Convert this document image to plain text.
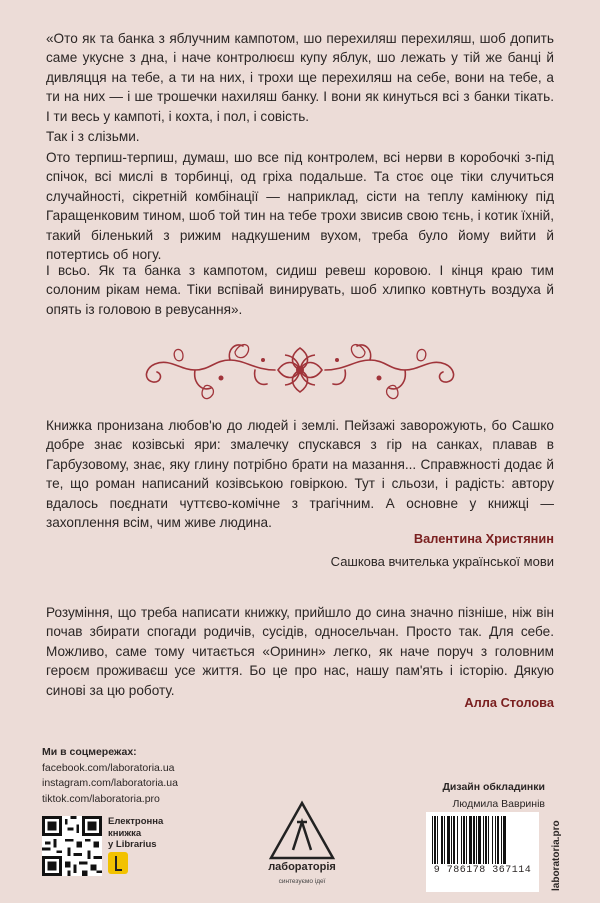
«Ото як та банка з яблучним кампотом, шо перехиляш перехиляш, шоб допить саме укусне з дна, і наче контролюєш купу яблук, шо лежать у тій же банці й дивляцця на тебе, а ти на них, і трохи ще перехиляш на себе, вони на тебе, а ти на них — і ше трошечки нахиляш банку. І вони як кинуться всі з банки тікать. І ти весь у кампоті, і кохта, і пол, і совість.

Так і з слізьми.

Ото терпиш-терпиш, думаш, шо все під контролем, всі нерви в коробочкі з-під спічок, всі мислі в торбинці, од гріха подальше. Та стоє оце тіки случиться случайності, сікретній комбінації — наприклад, сісти на теплу камінюку під Гаращенковим тином, шоб той тин на тебе трохи звисив свою тєнь, і котик їхній, такий біленький з рижим надкушеним вухом, треба було йому вийти й потертись об ногу.

І всьо. Як та банка з кампотом, сидиш ревеш коровою. І кінця краю тим солоним рікам нема. Тіки вспівай винирувать, шоб хлипко ковтнуть воздуха й опять із головою в ревусання».

Книжка пронизана любов'ю до людей і землі. Пейзажі заворожують, бо Сашко добре знає козівські яри: змалечку спускався з гір на санках, плавав в Гарбузовому, знає, яку глину потрібно брати на мазання... Справжності додає й те, що роман написаний козівською говіркою. Тут і сльози, і радість: автору вдалось поєднати чуттєво-комічне з трагічним. А основне у книжці — захоплення всім, чим живе людина.

Валентина Христянин
Сашкова вчителька української мови

Розуміння, що треба написати книжку, прийшло до сина значно пізніше, ніж він почав збирати спогади родичів, сусідів, односельчан. Просто так. Для себе. Можливо, саме тому читається «Оринин» легко, як наче поруч з головним героєм проживаєш усе життя. Бо це про нас, нашу пам'ять і історію. Дякую синові за цю роботу.

Алла Столова
Ми в соцмережах:
facebook.com/laboratoria.ua
instagram.com/laboratoria.ua
tiktok.com/laboratoria.pro
Електронна
книжка
у Librarius
лабораторія
синтезуємо ідеї
Дизайн обкладинки
Людмила Вавринів
9 786178 367114	laboratoria.pro
